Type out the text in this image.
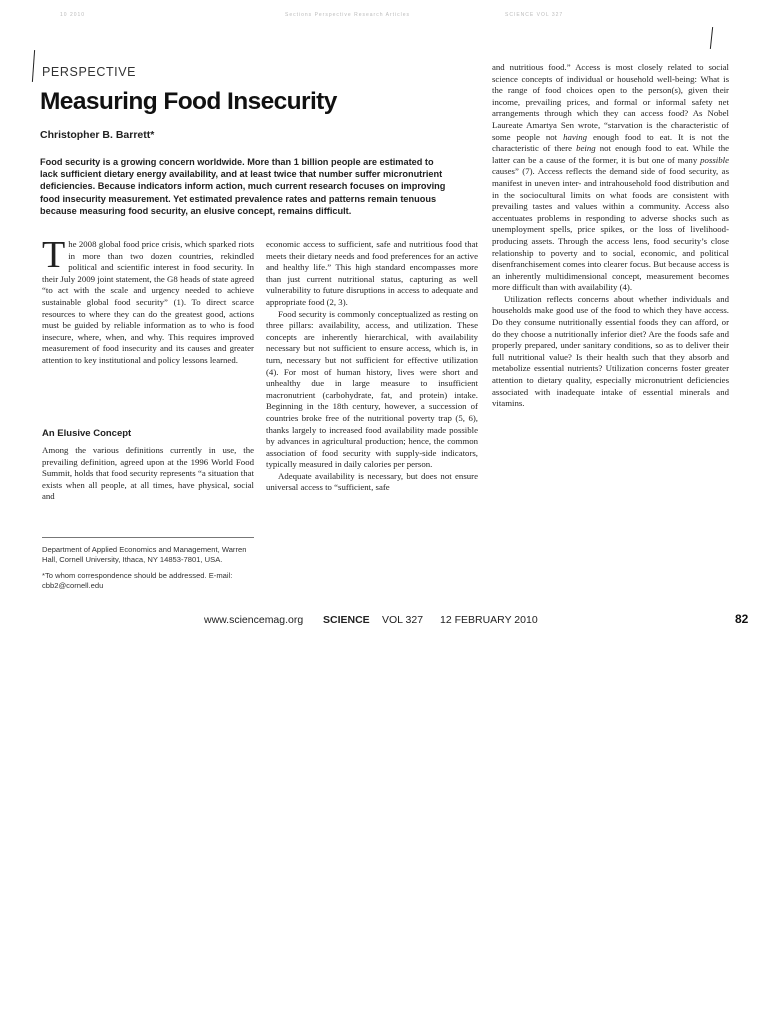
10 2010	Sections Perspective Research Articles	SCIENCE VOL 327
PERSPECTIVE
Measuring Food Insecurity
Christopher B. Barrett*
Food security is a growing concern worldwide. More than 1 billion people are estimated to lack sufficient dietary energy availability, and at least twice that number suffer micronutrient deficiencies. Because indicators inform action, much current research focuses on improving food insecurity measurement. Yet estimated prevalence rates and patterns remain tenuous because measuring food security, an elusive concept, remains difficult.

The 2008 global food price crisis, which sparked riots in more than two dozen countries, rekindled political and scientific interest in food security. In their July 2009 joint statement, the G8 heads of state agreed “to act with the scale and urgency needed to achieve sustainable global food security” (1). To direct scarce resources to where they can do the greatest good, actions must be guided by reliable information as to who is food insecure, where, when, and why. This requires improved measurement of food insecurity and its causes and greater attention to key institutional and policy lessons learned.

An Elusive Concept

Among the various definitions currently in use, the prevailing definition, agreed upon at the 1996 World Food Summit, holds that food security represents “a situation that exists when all people, at all times, have physical, social and

Department of Applied Economics and Management, Warren Hall, Cornell University, Ithaca, NY 14853-7801, USA.
*To whom correspondence should be addressed. E-mail: cbb2@cornell.edu

economic access to sufficient, safe and nutritious food that meets their dietary needs and food preferences for an active and healthy life.” This high standard encompasses more than just current nutritional status, capturing as well vulnerability to future disruptions in access to adequate and appropriate food (2, 3).

Food security is commonly conceptualized as resting on three pillars: availability, access, and utilization. These concepts are inherently hierarchical, with availability necessary but not sufficient to ensure access, which is, in turn, necessary but not sufficient for effective utilization (4). For most of human history, lives were short and unhealthy due in large measure to insufficient macronutrient (carbohydrate, fat, and protein) intake. Beginning in the 18th century, however, a succession of countries broke free of the nutritional poverty trap (5, 6), thanks largely to increased food availability made possible by advances in agricultural production; hence, the common association of food security with supply-side indicators, typically measured in daily calories per person.

Adequate availability is necessary, but does not ensure universal access to “sufficient, safe

and nutritious food.” Access is most closely related to social science concepts of individual or household well-being: What is the range of food choices open to the person(s), given their income, prevailing prices, and formal or informal safety net arrangements through which they can access food? As Nobel Laureate Amartya Sen wrote, “starvation is the characteristic of some people not having enough food to eat. It is not the characteristic of there being not enough food to eat. While the latter can be a cause of the former, it is but one of many possible causes” (7). Access reflects the demand side of food security, as manifest in uneven inter- and intrahousehold food distribution and in the sociocultural limits on what foods are consistent with prevailing tastes and values within a community. Access also accentuates problems in responding to adverse shocks such as unemployment spells, price spikes, or the loss of livelihood-producing assets. Through the access lens, food security’s close relationship to poverty and to social, economic, and political disenfranchisement comes into clearer focus. But because access is an inherently multidimensional concept, measurement becomes more difficult than with availability (4).

Utilization reflects concerns about whether individuals and households make good use of the food to which they have access. Do they consume nutritionally essential foods they can afford, or do they choose a nutritionally inferior diet? Are the foods safe and properly prepared, under sanitary conditions, so as to deliver their full nutritional value? Is their health such that they absorb and metabolize essential nutrients? Utilization concerns foster greater attention to dietary quality, especially micronutrient deficiencies associated with inadequate intake of essential minerals and vitamins.

www.sciencemag.org SCIENCE VOL 327 12 FEBRUARY 2010	82
